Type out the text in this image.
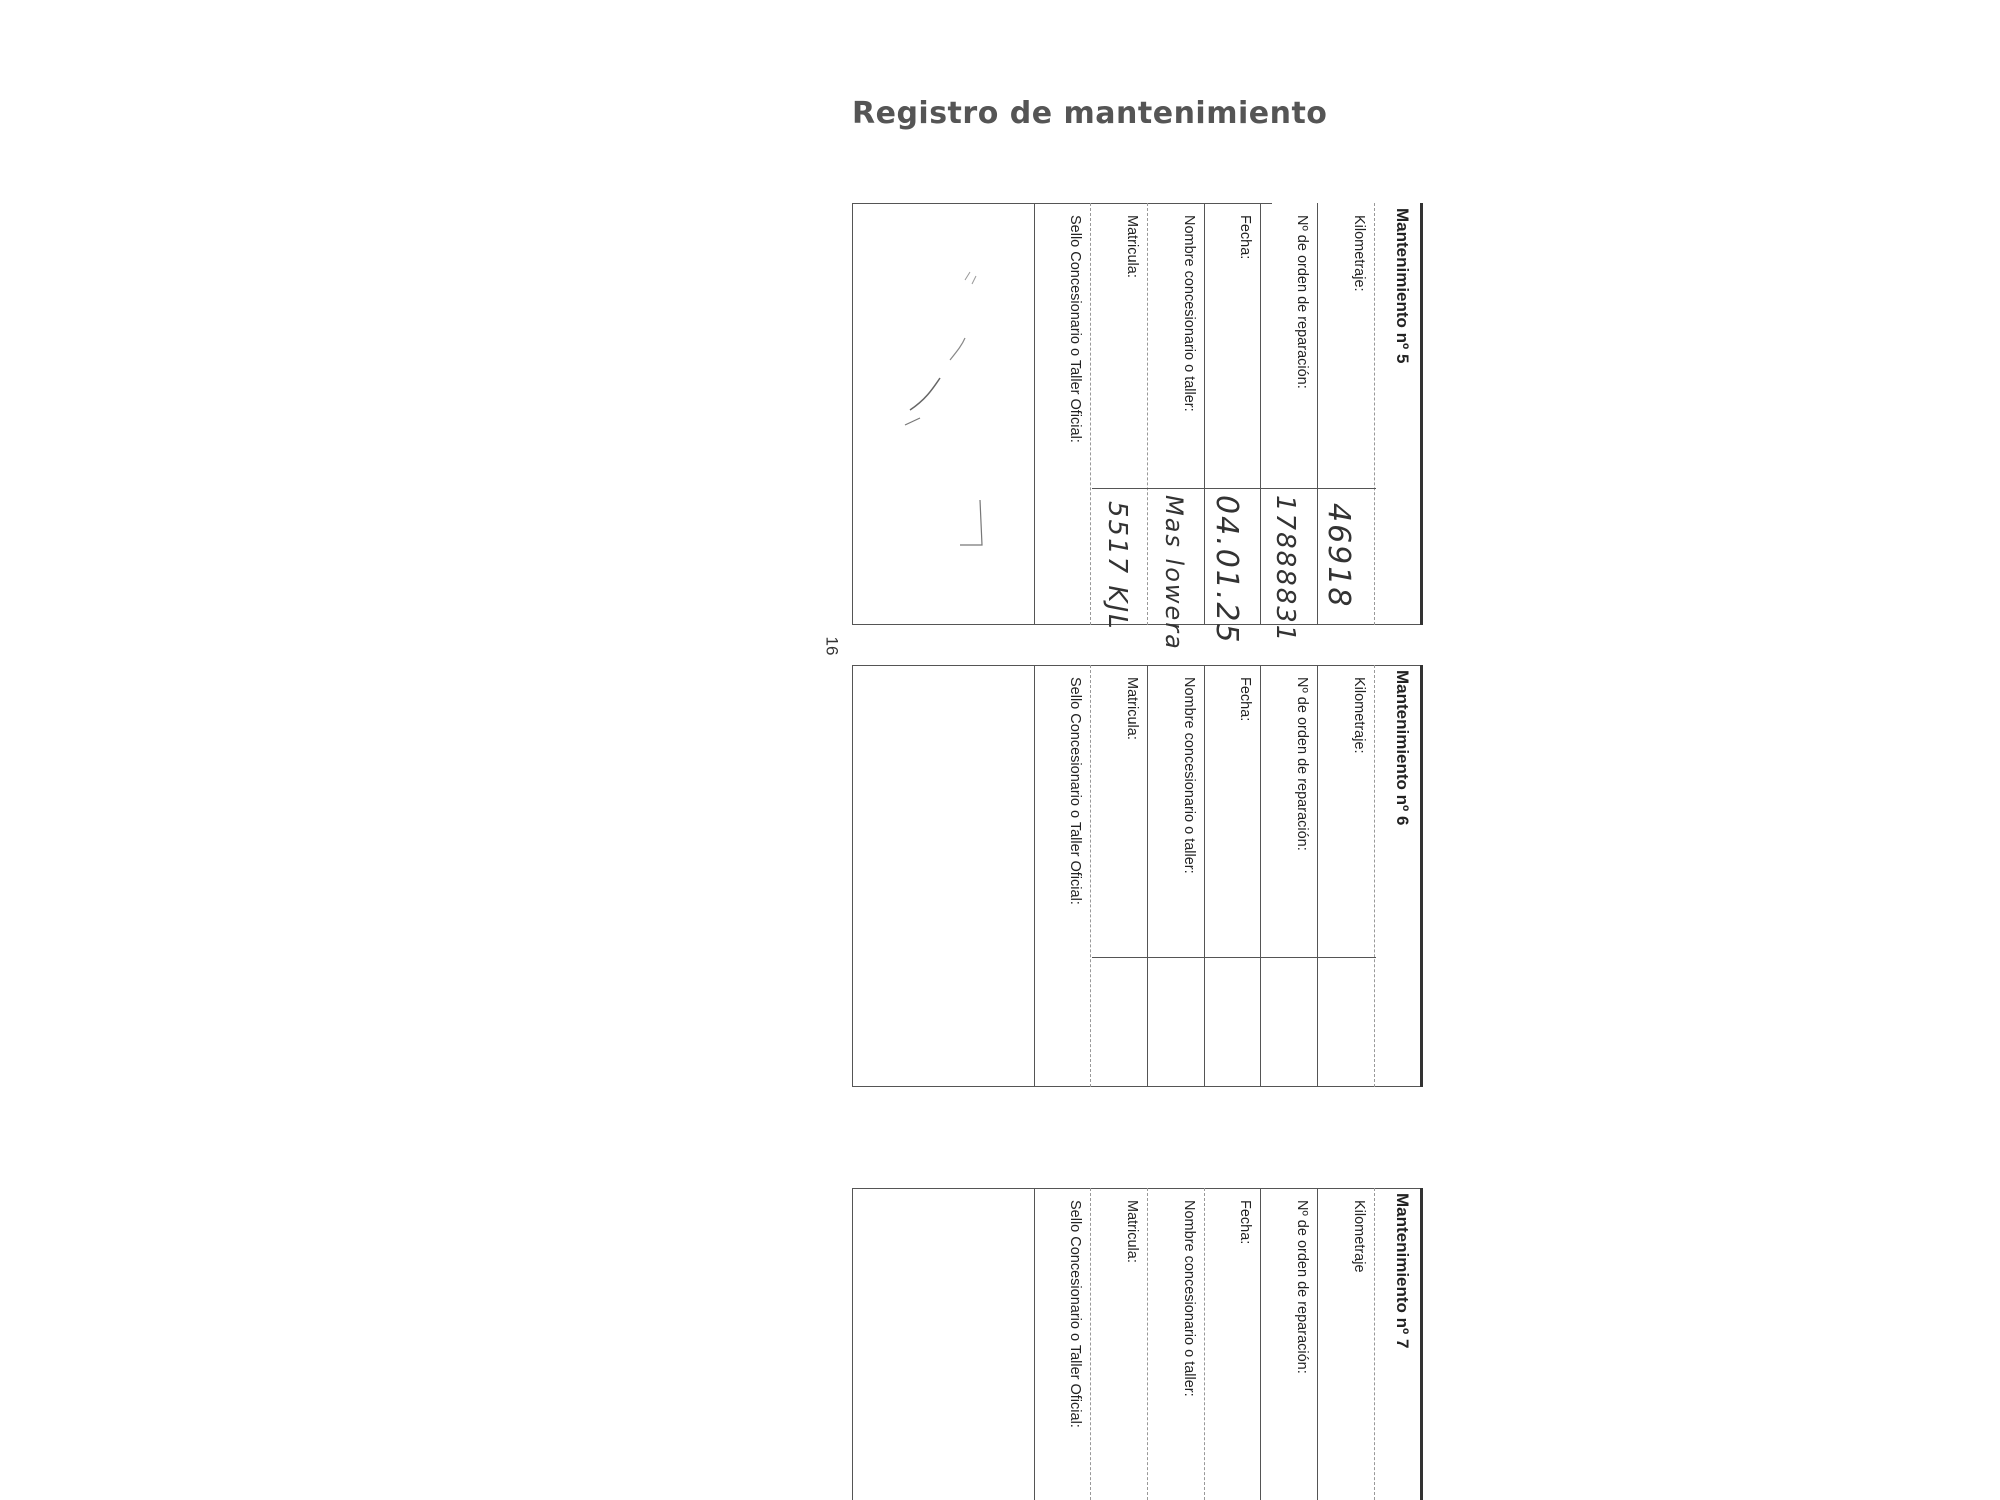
Registro de mantenimiento
16
Mantenimiento nº 5
Kilometraje:
Nº de orden de reparación:
Fecha:
Nombre concesionario o taller:
Matricula:
Sello Concesionario o Taller Oficial:
46918
17888831
04.01.25
Mas lowera
5517 KJL
Mantenimiento nº 6
Kilometraje:
Nº de orden de reparación:
Fecha:
Nombre concesionario o taller:
Matricula:
Sello Concesionario o Taller Oficial:
Mantenimiento nº 7
Kilometraje
Nº de orden de reparación:
Fecha:
Nombre concesionario o taller:
Matricula:
Sello Concesionario o Taller Oficial:
